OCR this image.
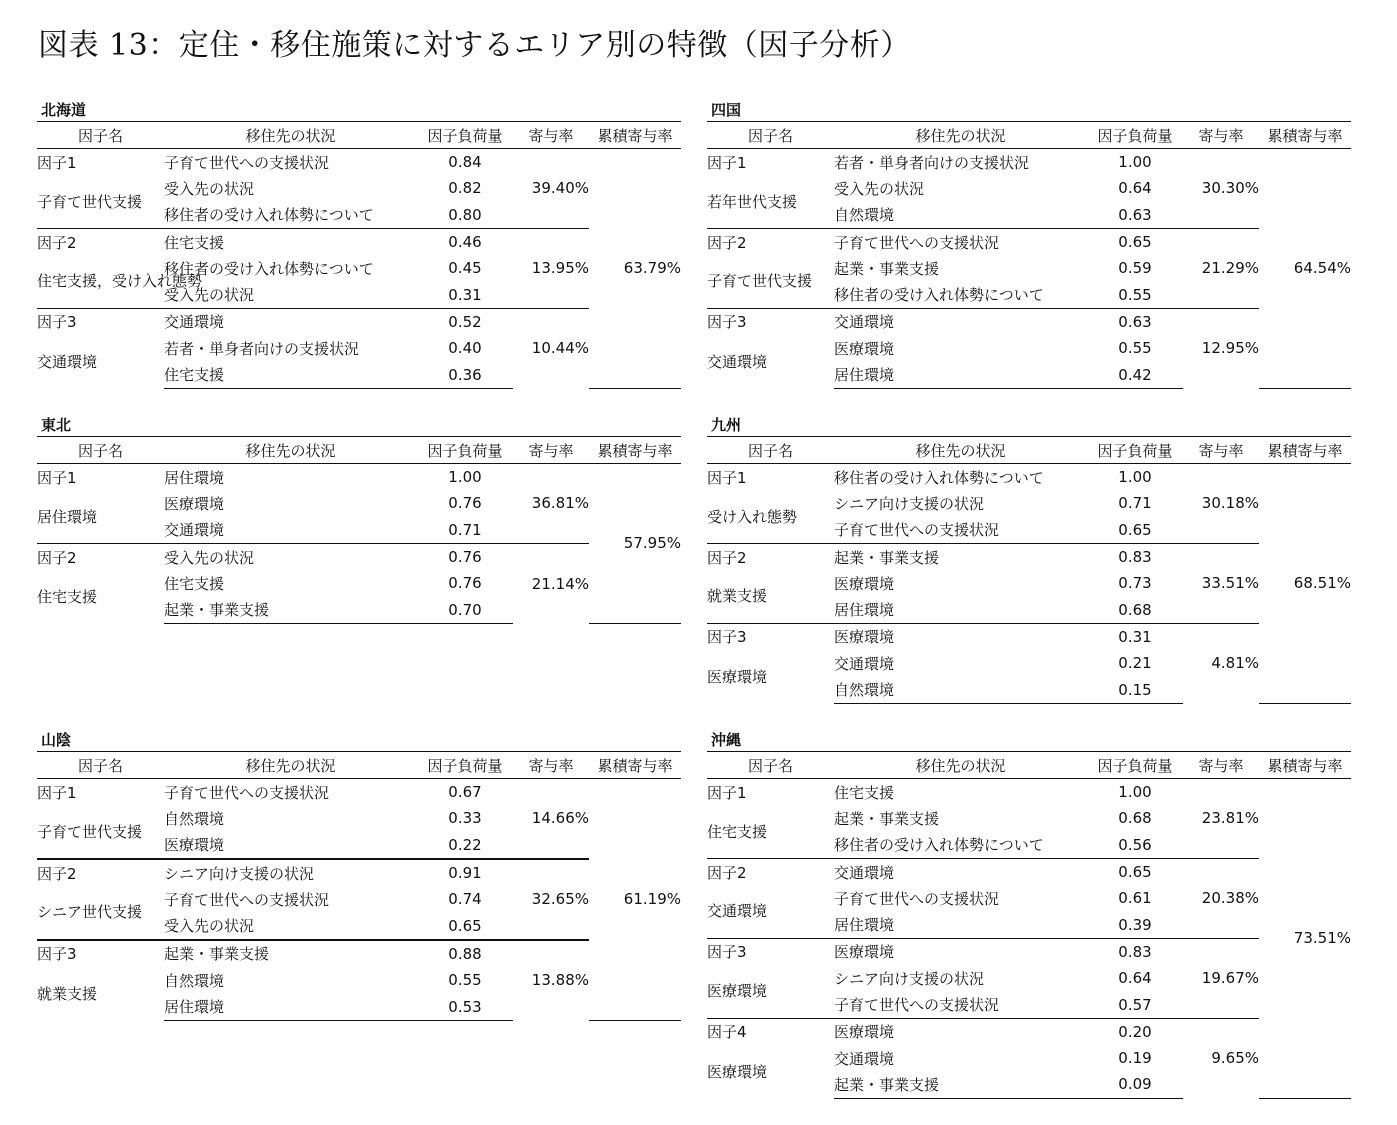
図表 13：定住・移住施策に対するエリア別の特徴（因子分析）
北海道
因子名	移住先の状況	因子負荷量	寄与率	累積寄与率
因子1	子育て世代への支援状況	0.84	39.40%	63.79%
子育て世代支援	受入先の状況	0.82		
	移住者の受け入れ体勢について	0.80		
因子2	住宅支援	0.46	13.95%	
住宅支援，受け入れ態勢	移住者の受け入れ体勢について	0.45		
	受入先の状況	0.31		
因子3	交通環境	0.52	10.44%	
交通環境	若者・単身者向けの支援状況	0.40		
	住宅支援	0.36		
四国
因子名	移住先の状況	因子負荷量	寄与率	累積寄与率
因子1	若者・単身者向けの支援状況	1.00	30.30%	64.54%
若年世代支援	受入先の状況	0.64		
	自然環境	0.63		
因子2	子育て世代への支援状況	0.65	21.29%	
子育て世代支援	起業・事業支援	0.59		
	移住者の受け入れ体勢について	0.55		
因子3	交通環境	0.63	12.95%	
交通環境	医療環境	0.55		
	居住環境	0.42		
東北
因子名	移住先の状況	因子負荷量	寄与率	累積寄与率
因子1	居住環境	1.00	36.81%	57.95%
居住環境	医療環境	0.76		
	交通環境	0.71		
因子2	受入先の状況	0.76	21.14%	
住宅支援	住宅支援	0.76		
	起業・事業支援	0.70		
九州
因子名	移住先の状況	因子負荷量	寄与率	累積寄与率
因子1	移住者の受け入れ体勢について	1.00	30.18%	68.51%
受け入れ態勢	シニア向け支援の状況	0.71		
	子育て世代への支援状況	0.65		
因子2	起業・事業支援	0.83	33.51%	
就業支援	医療環境	0.73		
	居住環境	0.68		
因子3	医療環境	0.31	4.81%	
医療環境	交通環境	0.21		
	自然環境	0.15		
山陰
因子名	移住先の状況	因子負荷量	寄与率	累積寄与率
因子1	子育て世代への支援状況	0.67	14.66%	61.19%
子育て世代支援	自然環境	0.33		
	医療環境	0.22		
因子2	シニア向け支援の状況	0.91	32.65%	
シニア世代支援	子育て世代への支援状況	0.74		
	受入先の状況	0.65		
因子3	起業・事業支援	0.88	13.88%	
就業支援	自然環境	0.55		
	居住環境	0.53		
沖縄
因子名	移住先の状況	因子負荷量	寄与率	累積寄与率
因子1	住宅支援	1.00	23.81%	73.51%
住宅支援	起業・事業支援	0.68		
	移住者の受け入れ体勢について	0.56		
因子2	交通環境	0.65	20.38%	
交通環境	子育て世代への支援状況	0.61		
	居住環境	0.39		
因子3	医療環境	0.83	19.67%	
医療環境	シニア向け支援の状況	0.64		
	子育て世代への支援状況	0.57		
因子4	医療環境	0.20	9.65%	
医療環境	交通環境	0.19		
	起業・事業支援	0.09		
